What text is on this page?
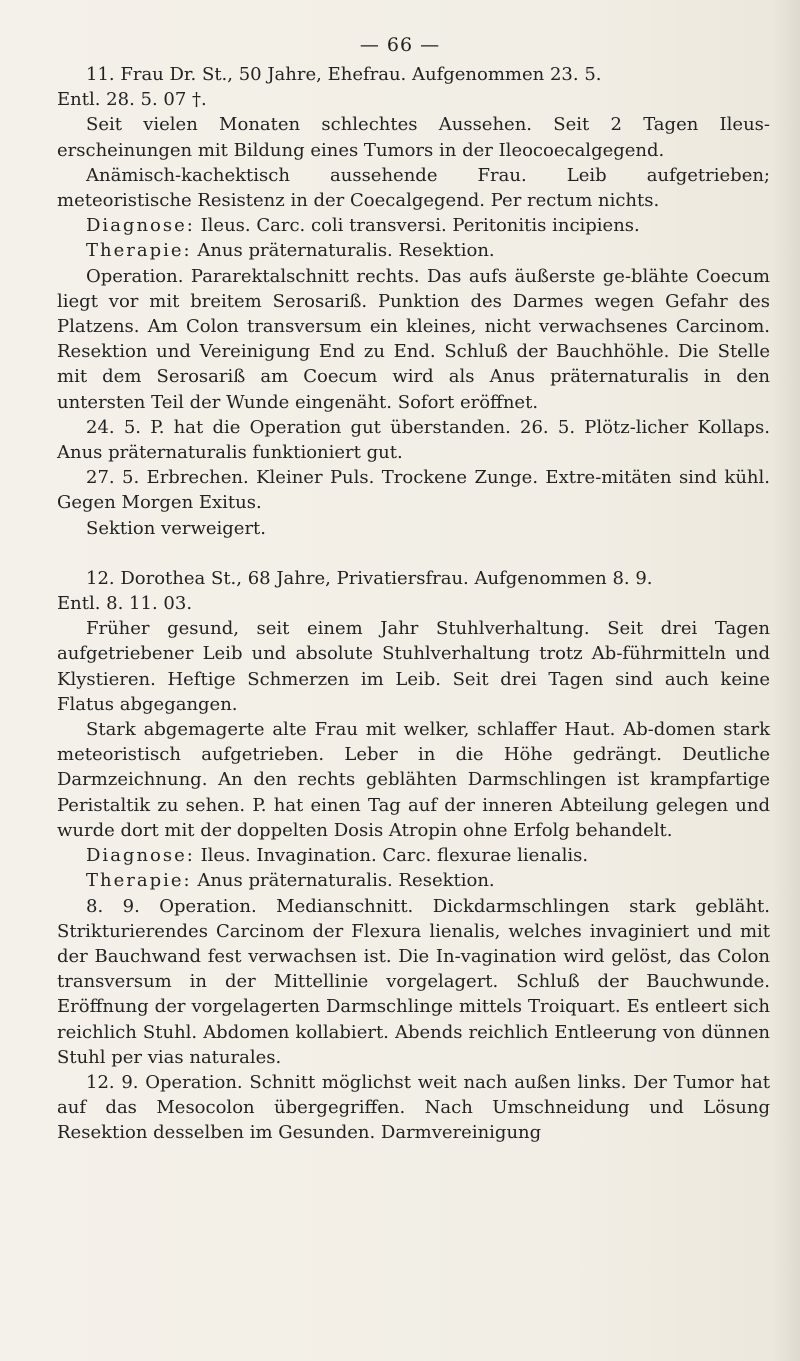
— 66 —

11. Frau Dr. St., 50 Jahre, Ehefrau. Aufgenommen 23. 5.

Entl. 28. 5. 07 †.

Seit vielen Monaten schlechtes Aussehen. Seit 2 Tagen Ileus-erscheinungen mit Bildung eines Tumors in der Ileocoecalgegend.

Anämisch-kachektisch aussehende Frau. Leib aufgetrieben; meteoristische Resistenz in der Coecalgegend. Per rectum nichts.

Diagnose: Ileus. Carc. coli transversi. Peritonitis incipiens.

Therapie: Anus präternaturalis. Resektion.

Operation. Pararektalschnitt rechts. Das aufs äußerste ge-blähte Coecum liegt vor mit breitem Serosariß. Punktion des Darmes wegen Gefahr des Platzens. Am Colon transversum ein kleines, nicht verwachsenes Carcinom. Resektion und Vereinigung End zu End. Schluß der Bauchhöhle. Die Stelle mit dem Serosariß am Coecum wird als Anus präternaturalis in den untersten Teil der Wunde eingenäht. Sofort eröffnet.

24. 5. P. hat die Operation gut überstanden. 26. 5. Plötz-licher Kollaps. Anus präternaturalis funktioniert gut.

27. 5. Erbrechen. Kleiner Puls. Trockene Zunge. Extre-mitäten sind kühl. Gegen Morgen Exitus.

Sektion verweigert.

12. Dorothea St., 68 Jahre, Privatiersfrau. Aufgenommen 8. 9.

Entl. 8. 11. 03.

Früher gesund, seit einem Jahr Stuhlverhaltung. Seit drei Tagen aufgetriebener Leib und absolute Stuhlverhaltung trotz Ab-führmitteln und Klystieren. Heftige Schmerzen im Leib. Seit drei Tagen sind auch keine Flatus abgegangen.

Stark abgemagerte alte Frau mit welker, schlaffer Haut. Ab-domen stark meteoristisch aufgetrieben. Leber in die Höhe gedrängt. Deutliche Darmzeichnung. An den rechts geblähten Darmschlingen ist krampfartige Peristaltik zu sehen. P. hat einen Tag auf der inneren Abteilung gelegen und wurde dort mit der doppelten Dosis Atropin ohne Erfolg behandelt.

Diagnose: Ileus. Invagination. Carc. flexurae lienalis.

Therapie: Anus präternaturalis. Resektion.

8. 9. Operation. Medianschnitt. Dickdarmschlingen stark gebläht. Strikturierendes Carcinom der Flexura lienalis, welches invaginiert und mit der Bauchwand fest verwachsen ist. Die In-vagination wird gelöst, das Colon transversum in der Mittellinie vorgelagert. Schluß der Bauchwunde. Eröffnung der vorgelagerten Darmschlinge mittels Troiquart. Es entleert sich reichlich Stuhl. Abdomen kollabiert. Abends reichlich Entleerung von dünnen Stuhl per vias naturales.

12. 9. Operation. Schnitt möglichst weit nach außen links. Der Tumor hat auf das Mesocolon übergegriffen. Nach Umschneidung und Lösung Resektion desselben im Gesunden. Darmvereinigung
